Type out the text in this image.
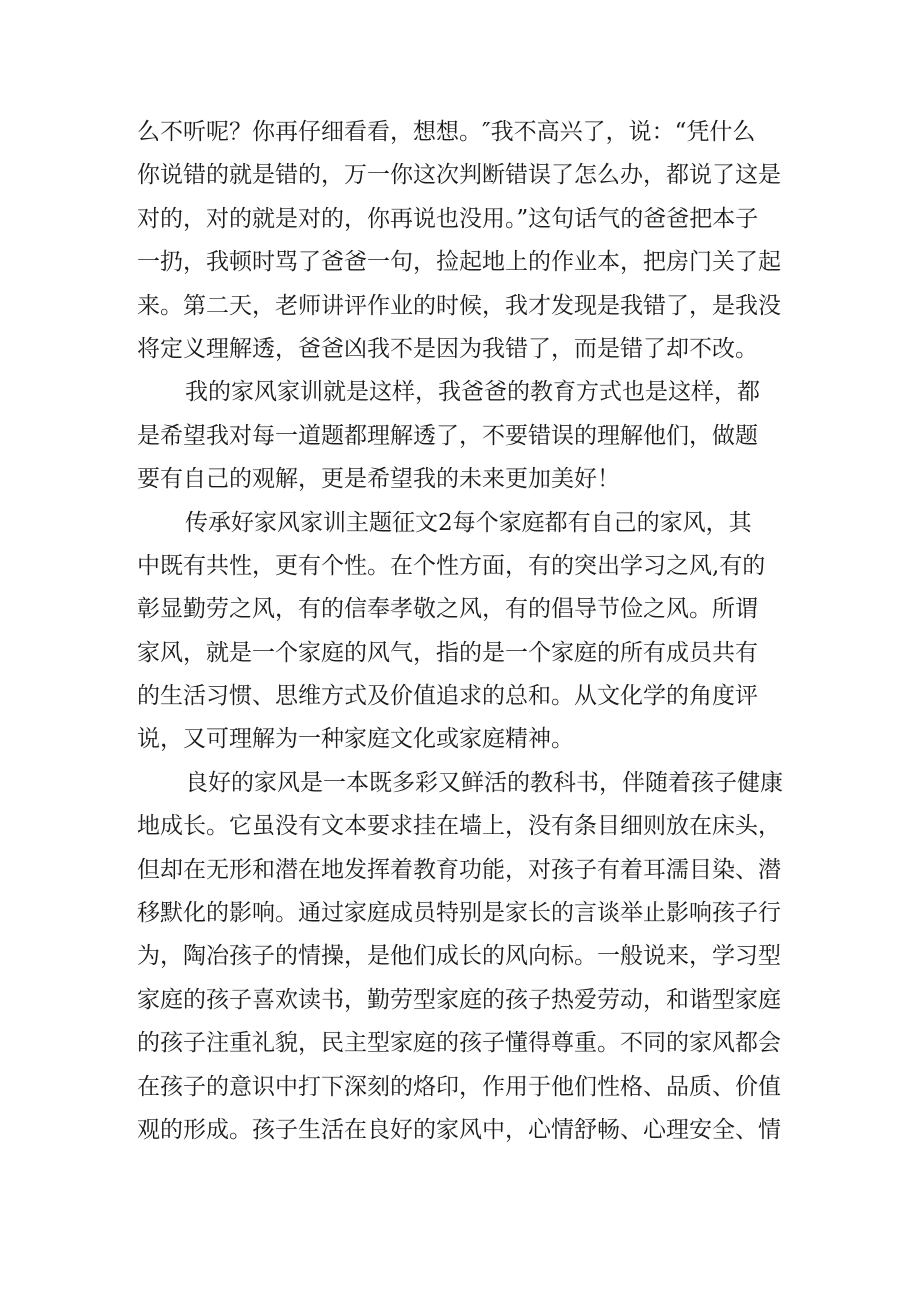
么不听呢？你再仔细看看，想想。″我不高兴了，说：“凭什么
你说错的就是错的，万一你这次判断错误了怎么办，都说了这是
对的，对的就是对的，你再说也没用。”这句话气的爸爸把本子
一扔，我顿时骂了爸爸一句，捡起地上的作业本，把房门关了起
来。第二天，老师讲评作业的时候，我才发现是我错了，是我没
将定义理解透，爸爸凶我不是因为我错了，而是错了却不改。
我的家风家训就是这样，我爸爸的教育方式也是这样，都
是希望我对每一道题都理解透了，不要错误的理解他们，做题
要有自己的观解，更是希望我的未来更加美好！
传承好家风家训主题征文2每个家庭都有自己的家风，其
中既有共性，更有个性。在个性方面，有的突出学习之风,有的
彰显勤劳之风，有的信奉孝敬之风，有的倡导节俭之风。所谓
家风，就是一个家庭的风气，指的是一个家庭的所有成员共有
的生活习惯、思维方式及价值追求的总和。从文化学的角度评
说，又可理解为一种家庭文化或家庭精神。
良好的家风是一本既多彩又鲜活的教科书，伴随着孩子健康
地成长。它虽没有文本要求挂在墙上，没有条目细则放在床头，
但却在无形和潜在地发挥着教育功能，对孩子有着耳濡目染、潜
移默化的影响。通过家庭成员特别是家长的言谈举止影响孩子行
为，陶冶孩子的情操，是他们成长的风向标。一般说来，学习型
家庭的孩子喜欢读书，勤劳型家庭的孩子热爱劳动，和谐型家庭
的孩子注重礼貌，民主型家庭的孩子懂得尊重。不同的家风都会
在孩子的意识中打下深刻的烙印，作用于他们性格、品质、价值
观的形成。孩子生活在良好的家风中，心情舒畅、心理安全、情
